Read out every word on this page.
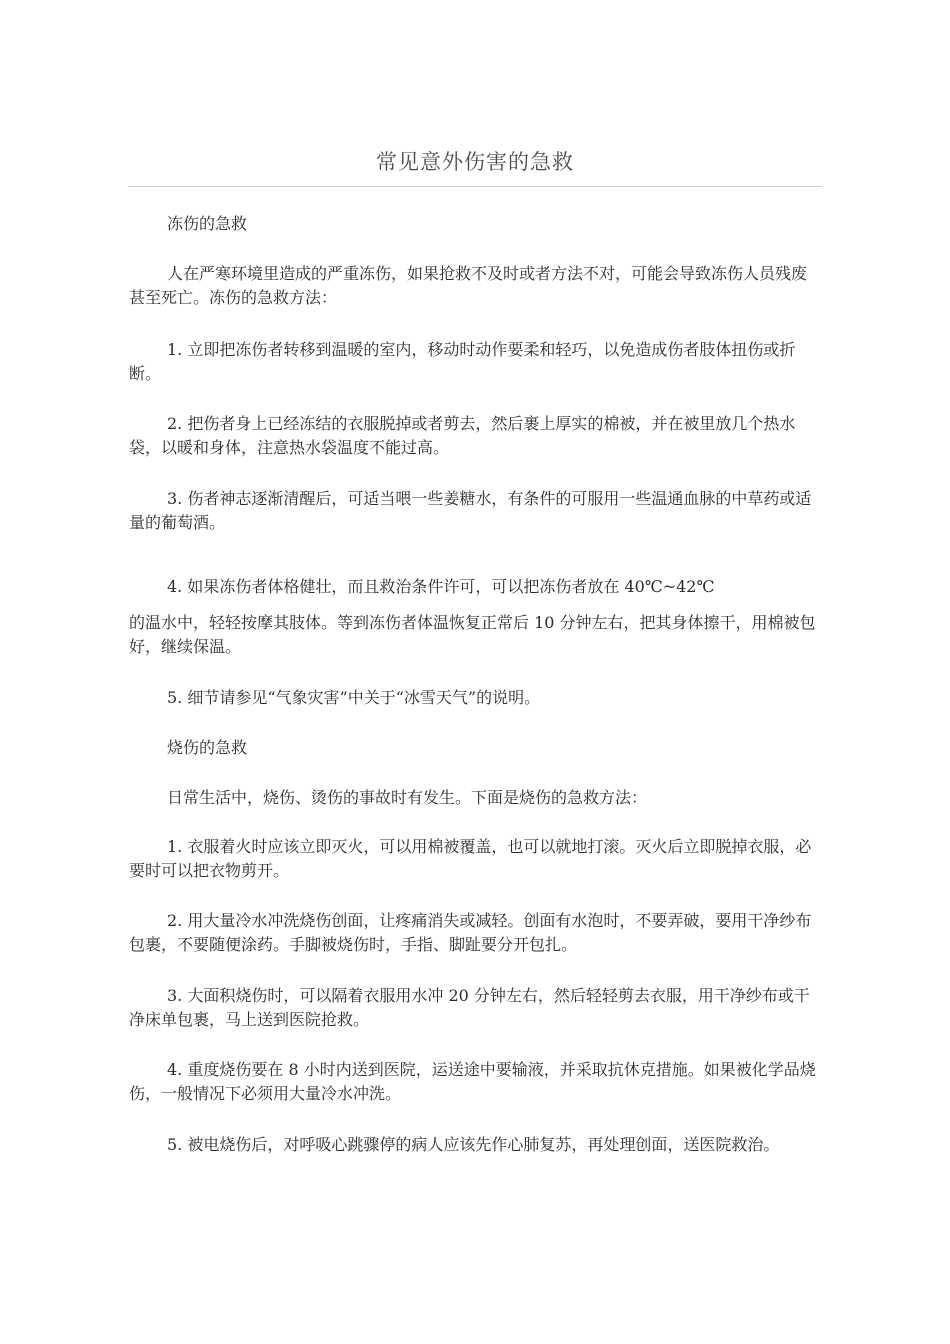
常见意外伤害的急救

冻伤的急救

人在严寒环境里造成的严重冻伤，如果抢救不及时或者方法不对，可能会导致冻伤人员残废甚至死亡。冻伤的急救方法：

1. 立即把冻伤者转移到温暖的室内，移动时动作要柔和轻巧，以免造成伤者肢体扭伤或折断。

2. 把伤者身上已经冻结的衣服脱掉或者剪去，然后裹上厚实的棉被，并在被里放几个热水袋，以暖和身体，注意热水袋温度不能过高。

3. 伤者神志逐渐清醒后，可适当喂一些姜糖水，有条件的可服用一些温通血脉的中草药或适量的葡萄酒。

4. 如果冻伤者体格健壮，而且救治条件许可，可以把冻伤者放在 40℃~42℃

的温水中，轻轻按摩其肢体。等到冻伤者体温恢复正常后 10 分钟左右，把其身体擦干，用棉被包好，继续保温。

5. 细节请参见“气象灾害”中关于“冰雪天气”的说明。

烧伤的急救

日常生活中，烧伤、烫伤的事故时有发生。下面是烧伤的急救方法：

1. 衣服着火时应该立即灭火，可以用棉被覆盖，也可以就地打滚。灭火后立即脱掉衣服，必要时可以把衣物剪开。

2. 用大量冷水冲洗烧伤创面，让疼痛消失或减轻。创面有水泡时，不要弄破，要用干净纱布包裹，不要随便涂药。手脚被烧伤时，手指、脚趾要分开包扎。

3. 大面积烧伤时，可以隔着衣服用水冲 20 分钟左右，然后轻轻剪去衣服，用干净纱布或干净床单包裹，马上送到医院抢救。

4. 重度烧伤要在 8 小时内送到医院，运送途中要输液，并采取抗休克措施。如果被化学品烧伤，一般情况下必须用大量冷水冲洗。

5. 被电烧伤后，对呼吸心跳骤停的病人应该先作心肺复苏，再处理创面，送医院救治。
